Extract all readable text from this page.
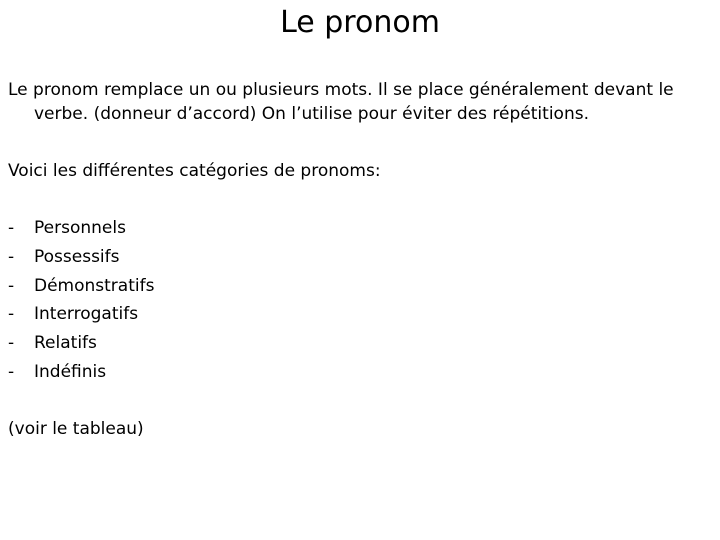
Le pronom

Le pronom remplace un ou plusieurs mots. Il se place généralement devant le verbe. (donneur d’accord) On l’utilise pour éviter des répétitions.

Voici les différentes catégories de pronoms:

-	Personnels
-	Possessifs
-	Démonstratifs
-	Interrogatifs
-	Relatifs
-	Indéfinis

(voir le tableau)
